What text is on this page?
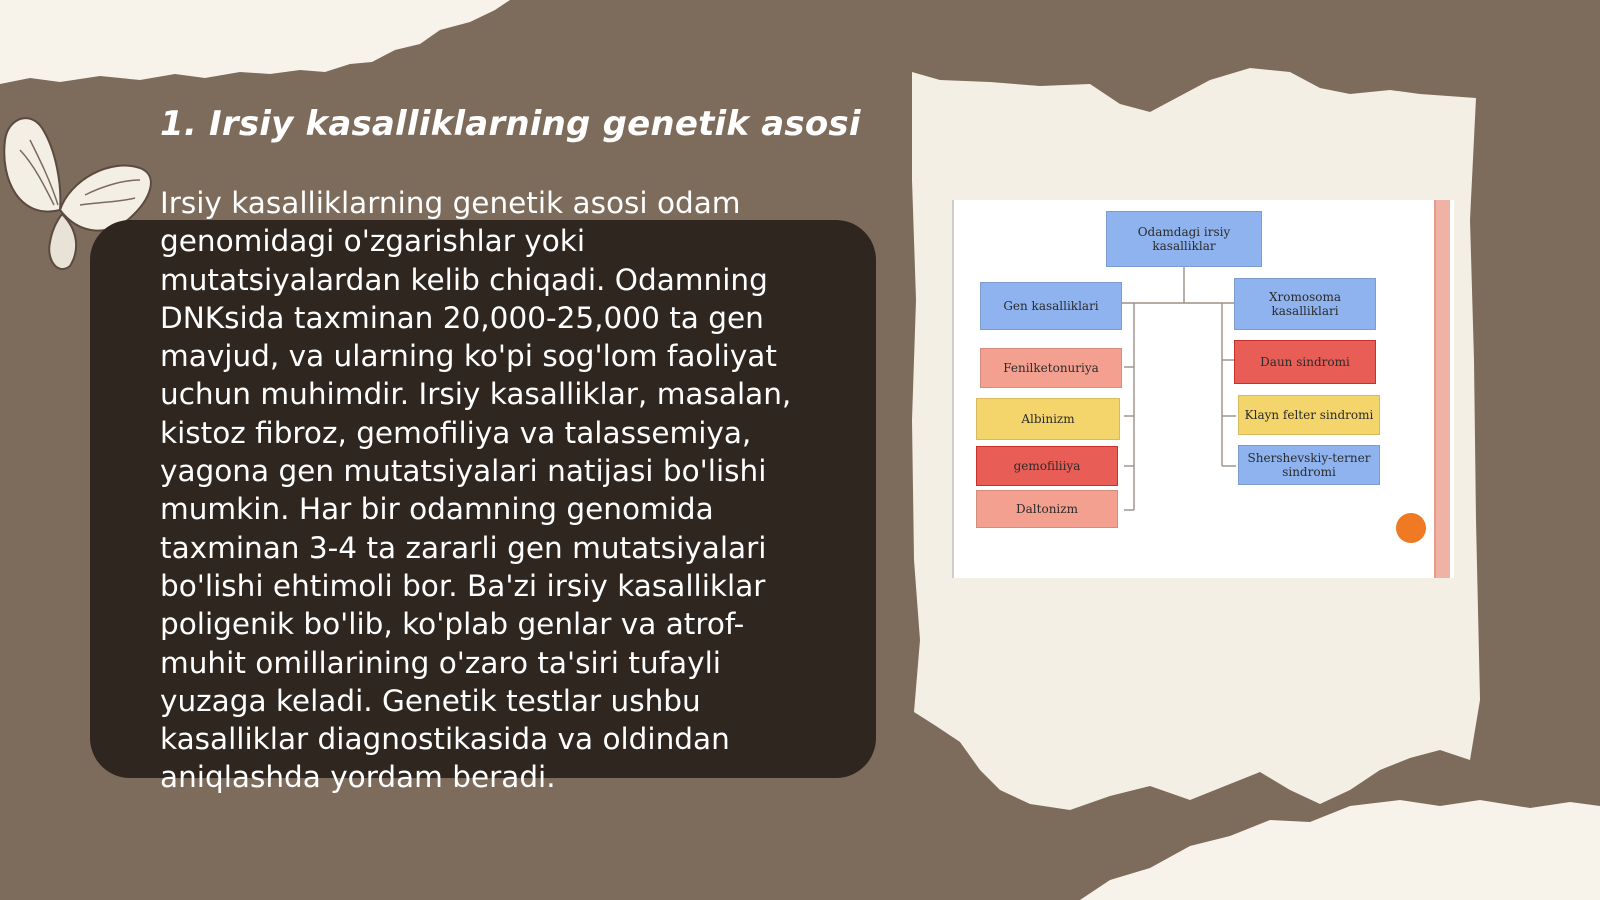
1. Irsiy kasalliklarning genetik asosi

Irsiy kasalliklarning genetik asosi odam genomidagi o'zgarishlar yoki mutatsiyalardan kelib chiqadi. Odamning DNKsida taxminan 20,000-25,000 ta gen mavjud, va ularning ko'pi sog'lom faoliyat uchun muhimdir. Irsiy kasalliklar, masalan, kistoz fibroz, gemofiliya va talassemiya, yagona gen mutatsiyalari natijasi bo'lishi mumkin. Har bir odamning genomida taxminan 3-4 ta zararli gen mutatsiyalari bo'lishi ehtimoli bor. Ba'zi irsiy kasalliklar poligenik bo'lib, ko'plab genlar va atrof-muhit omillarining o'zaro ta'siri tufayli yuzaga keladi. Genetik testlar ushbu kasalliklar diagnostikasida va oldindan aniqlashda yordam beradi.

Odamdagi irsiy kasalliklar
Gen kasalliklari
Xromosoma kasalliklari
Fenilketonuriya
Albinizm
gemofiliiya
Daltonizm
Daun sindromi
Klayn felter sindromi
Shershevskiy-terner sindromi
